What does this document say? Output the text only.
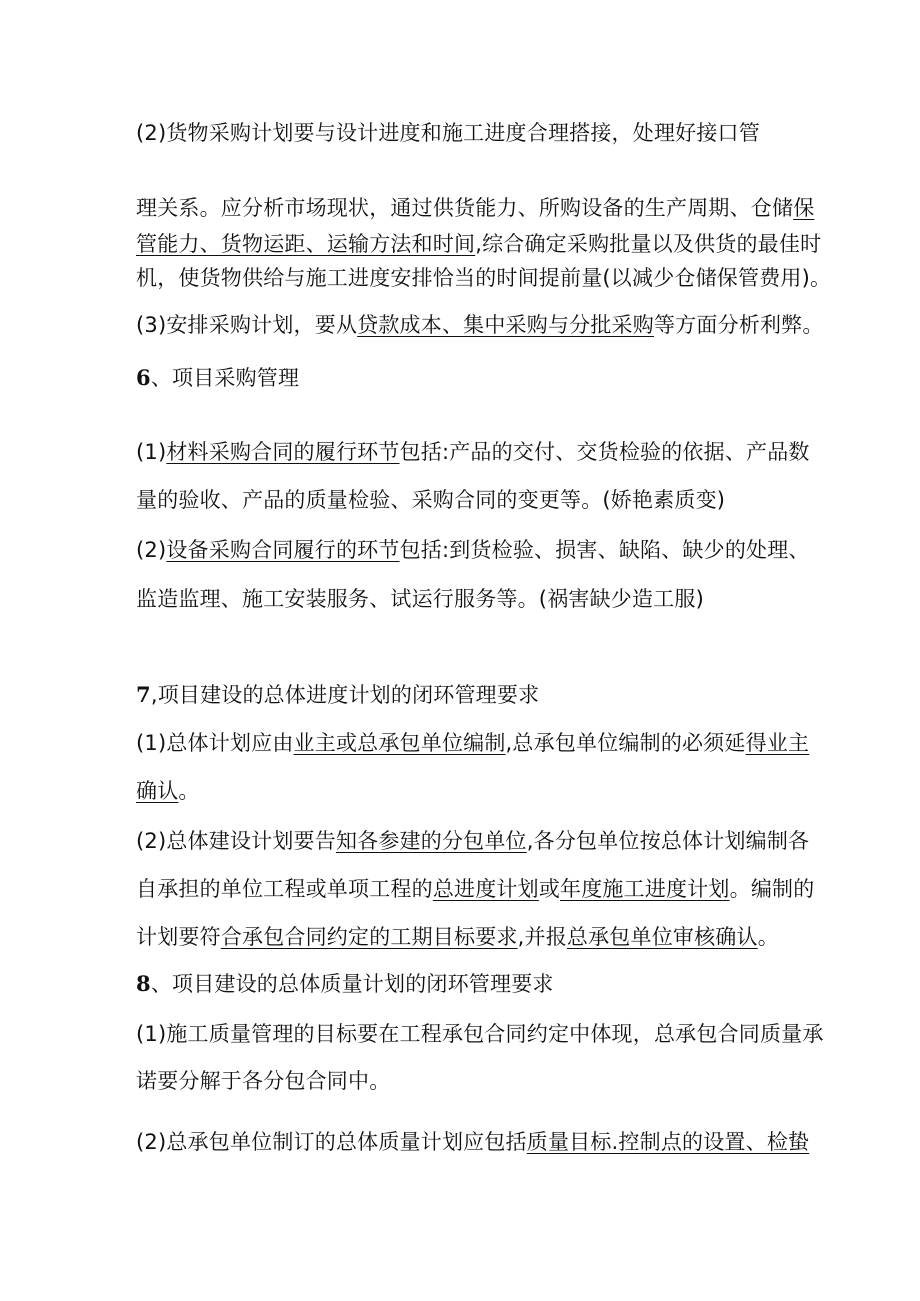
(2)货物采购计划要与设计进度和施工进度合理搭接，处理好接口管
理关系。应分析市场现状，通过供货能力、所购设备的生产周期、仓储保
管能力、货物运距、运输方法和时间,综合确定采购批量以及供货的最佳时
机，使货物供给与施工进度安排恰当的时间提前量(以减少仓储保管费用)。
(3)安排采购计划，要从贷款成本、集中采购与分批采购等方面分析利弊。
6、项目采购管理
(1)材料采购合同的履行环节包括:产品的交付、交货检验的依据、产品数
量的验收、产品的质量检验、采购合同的变更等。(娇艳素质变)
(2)设备采购合同履行的环节包括:到货检验、损害、缺陷、缺少的处理、
监造监理、施工安装服务、试运行服务等。(祸害缺少造工服)
7,项目建设的总体进度计划的闭环管理要求
(1)总体计划应由业主或总承包单位编制,总承包单位编制的必须延得业主
确认。
(2)总体建设计划要告知各参建的分包单位,各分包单位按总体计划编制各
自承担的单位工程或单项工程的总进度计划或年度施工进度计划。编制的
计划要符合承包合同约定的工期目标要求,并报总承包单位审核确认。
8、项目建设的总体质量计划的闭环管理要求
(1)施工质量管理的目标要在工程承包合同约定中体现，总承包合同质量承
诺要分解于各分包合同中。
(2)总承包单位制订的总体质量计划应包括质量目标.控制点的设置、检蛰
